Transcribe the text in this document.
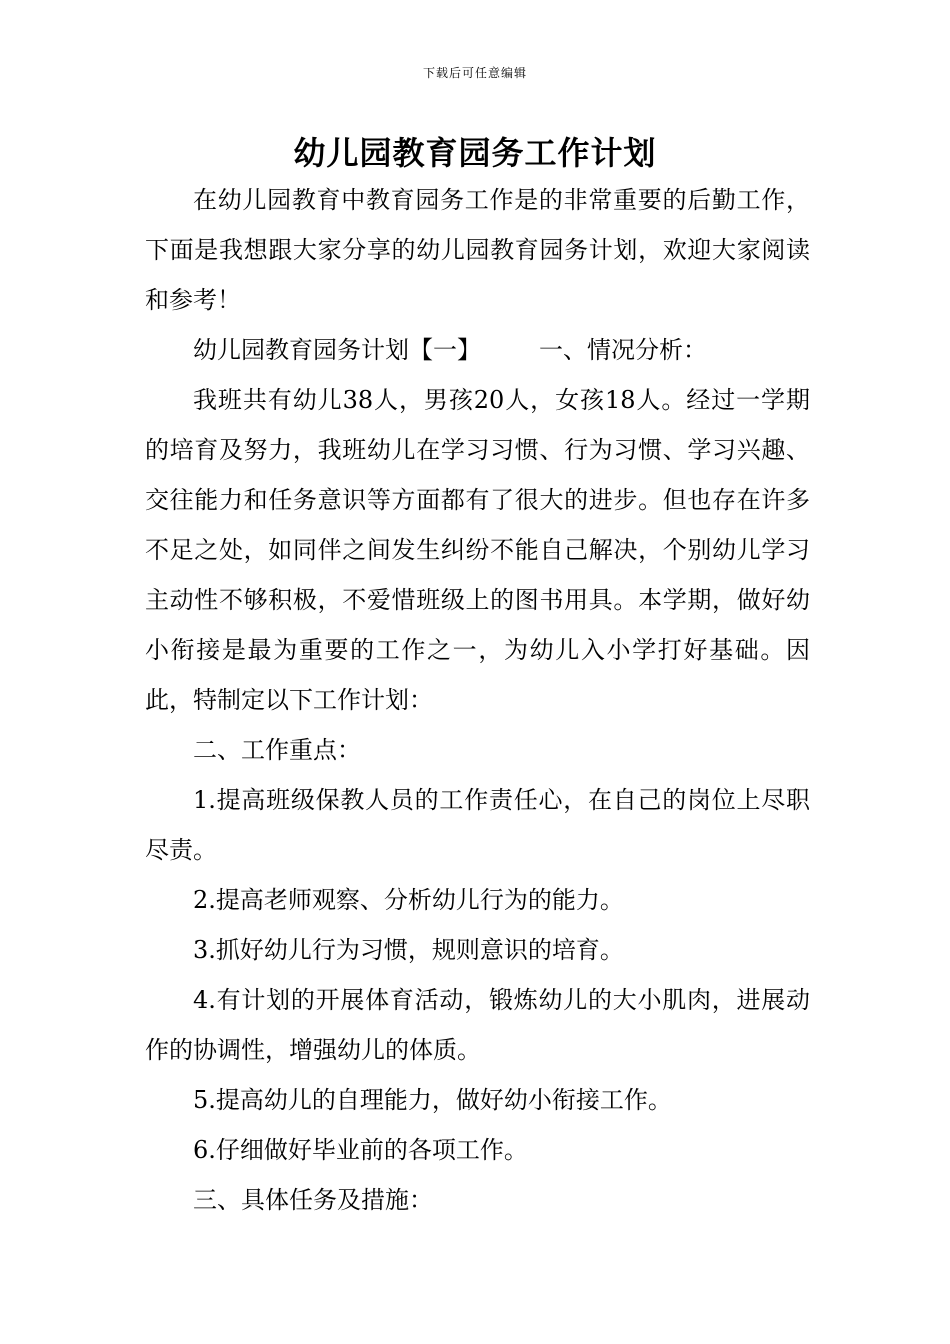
下载后可任意编辑
幼儿园教育园务工作计划

在幼儿园教育中教育园务工作是的非常重要的后勤工作，下面是我想跟大家分享的幼儿园教育园务计划，欢迎大家阅读和参考！

幼儿园教育园务计划【一】 一、情况分析：

我班共有幼儿38人，男孩20人，女孩18人。经过一学期的培育及努力，我班幼儿在学习习惯、行为习惯、学习兴趣、交往能力和任务意识等方面都有了很大的进步。但也存在许多不足之处，如同伴之间发生纠纷不能自己解决，个别幼儿学习主动性不够积极，不爱惜班级上的图书用具。本学期，做好幼小衔接是最为重要的工作之一，为幼儿入小学打好基础。因此，特制定以下工作计划：

二、工作重点：

1.提高班级保教人员的工作责任心，在自己的岗位上尽职尽责。

2.提高老师观察、分析幼儿行为的能力。

3.抓好幼儿行为习惯，规则意识的培育。

4.有计划的开展体育活动，锻炼幼儿的大小肌肉，进展动作的协调性，增强幼儿的体质。

5.提高幼儿的自理能力，做好幼小衔接工作。

6.仔细做好毕业前的各项工作。

三、具体任务及措施：
